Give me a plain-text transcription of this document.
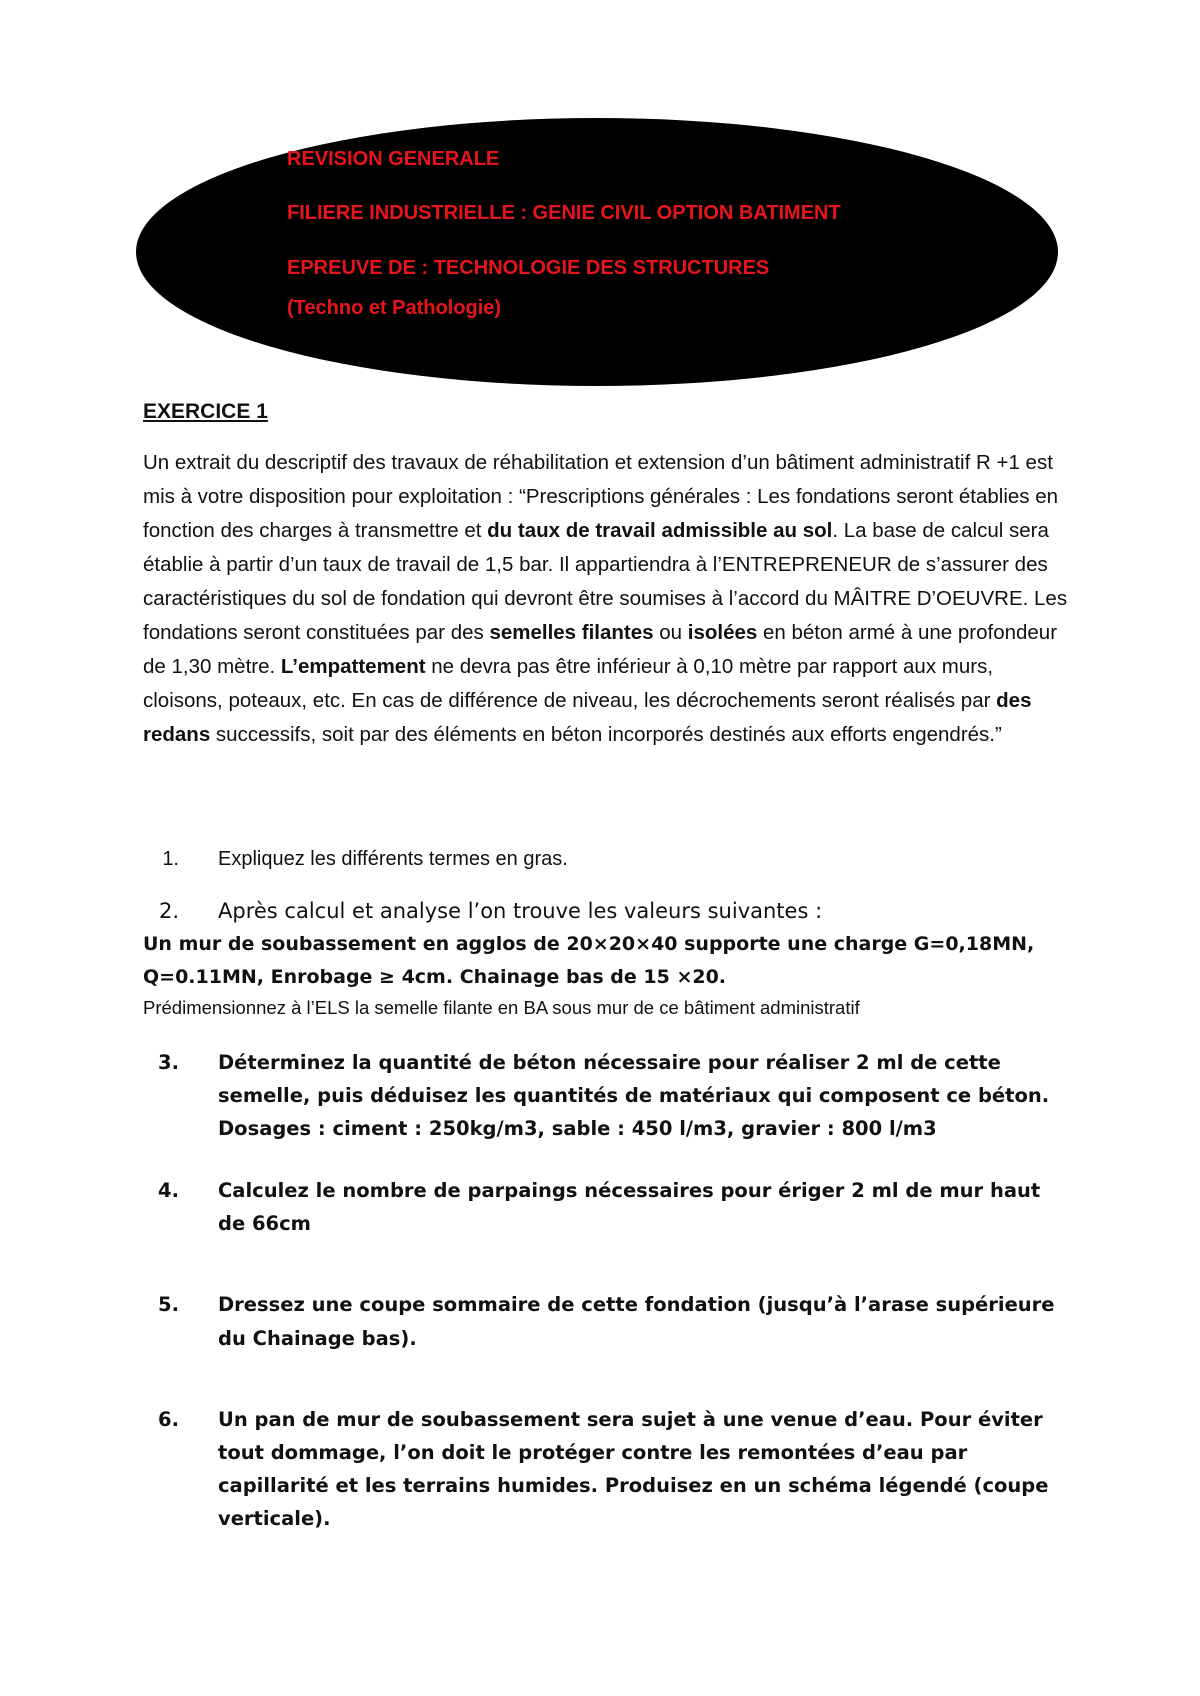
REVISION GENERALE
FILIERE INDUSTRIELLE : GENIE CIVIL OPTION BATIMENT
EPREUVE DE : TECHNOLOGIE DES STRUCTURES
(Techno et Pathologie)
EXERCICE 1
Un extrait du descriptif des travaux de réhabilitation et extension d’un bâtiment administratif R +1 est mis à votre disposition pour exploitation : “Prescriptions générales : Les fondations seront établies en fonction des charges à transmettre et du taux de travail admissible au sol. La base de calcul sera établie à partir d’un taux de travail de 1,5 bar. Il appartiendra à l’ENTREPRENEUR de s’assurer des caractéristiques du sol de fondation qui devront être soumises à l’accord du MÂITRE D’OEUVRE. Les fondations seront constituées par des semelles filantes ou isolées en béton armé à une profondeur de 1,30 mètre. L’empattement ne devra pas être inférieur à 0,10 mètre par rapport aux murs, cloisons, poteaux, etc. En cas de différence de niveau, les décrochements seront réalisés par des redans successifs, soit par des éléments en béton incorporés destinés aux efforts engendrés.”
1. Expliquez les différents termes en gras.
2. Après calcul et analyse l’on trouve les valeurs suivantes :
Un mur de soubassement en agglos de 20×20×40 supporte une charge G=0,18MN,
Q=0.11MN, Enrobage ≥ 4cm. Chainage bas de 15 ×20.
Prédimensionnez à l’ELS la semelle filante en BA sous mur de ce bâtiment administratif
3. Déterminez la quantité de béton nécessaire pour réaliser 2 ml de cette semelle, puis déduisez les quantités de matériaux qui composent ce béton.
Dosages : ciment : 250kg/m3, sable : 450 l/m3, gravier : 800 l/m3
4. Calculez le nombre de parpaings nécessaires pour ériger 2 ml de mur haut de 66cm
5. Dressez une coupe sommaire de cette fondation (jusqu’à l’arase supérieure du Chainage bas).
6. Un pan de mur de soubassement sera sujet à une venue d’eau. Pour éviter tout dommage, l’on doit le protéger contre les remontées d’eau par capillarité et les terrains humides. Produisez en un schéma légendé (coupe verticale).
